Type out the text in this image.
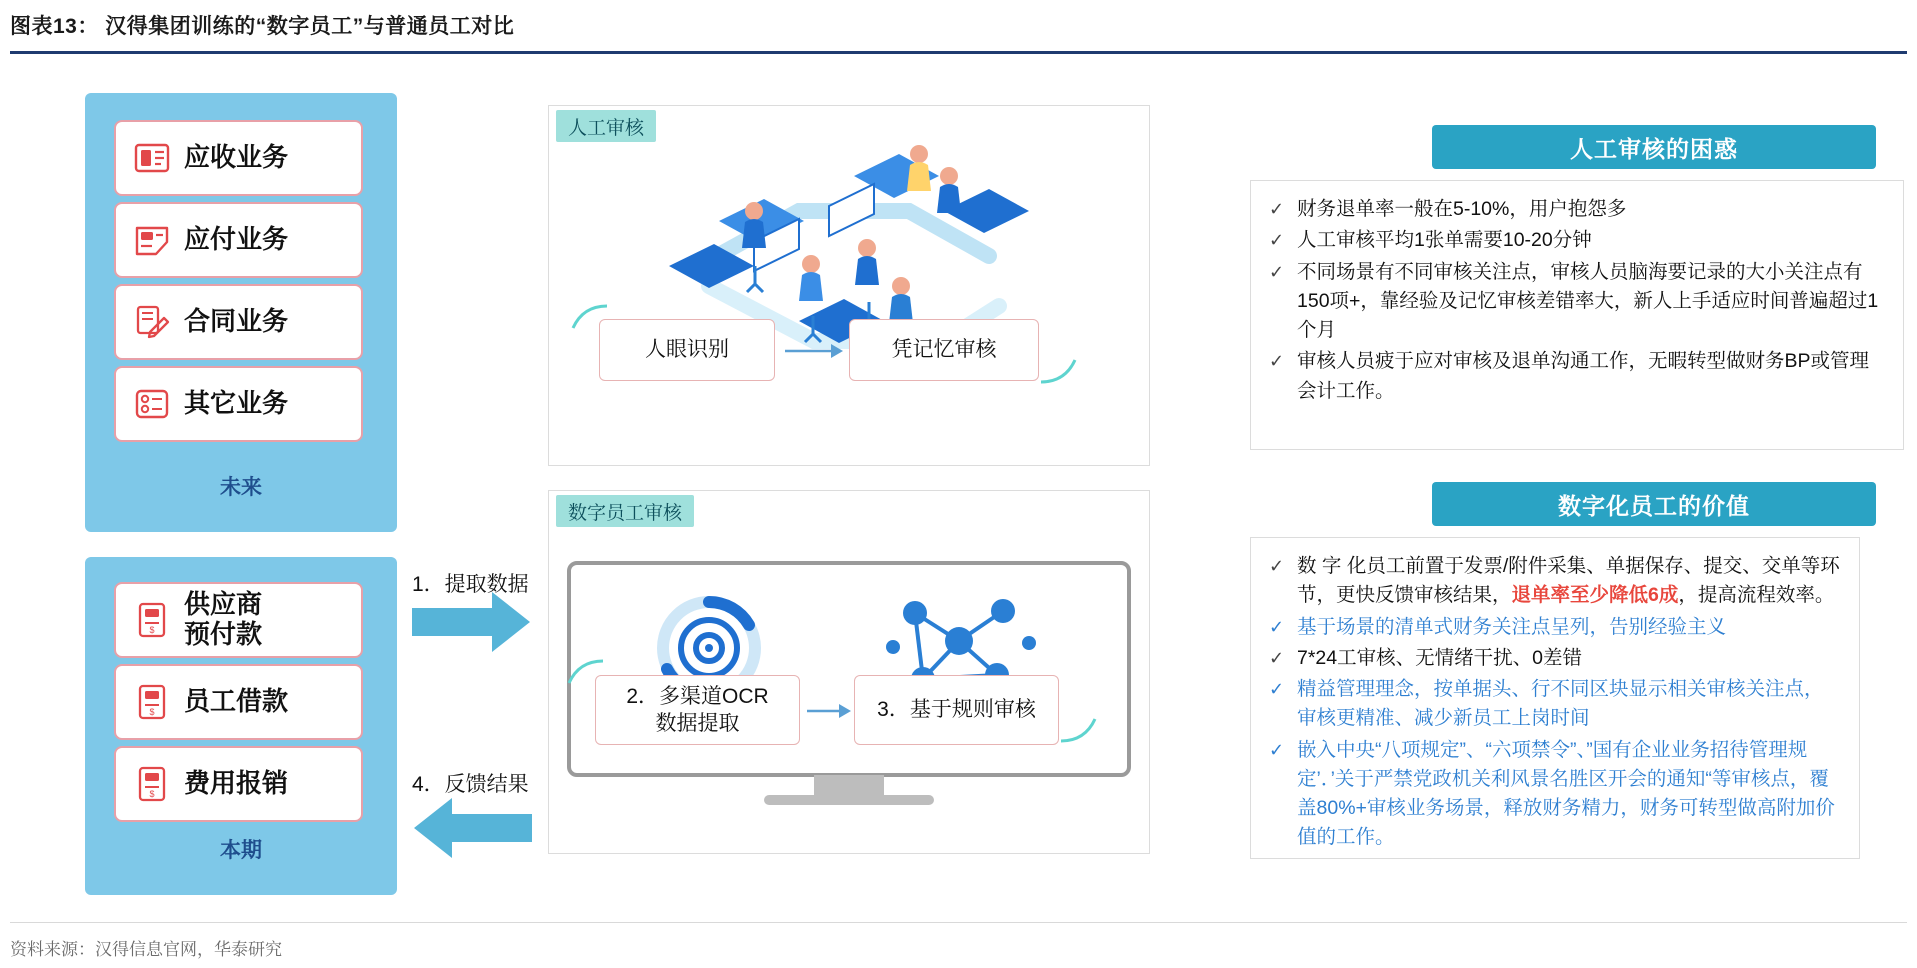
图表13： 汉得集团训练的“数字员工”与普通员工对比
应收业务
应付业务
合同业务
其它业务
未来
$
供应商
预付款
$ 员工借款
$ 费用报销
本期
1．提取数据
4．反馈结果
人眼识别	凭记忆审核
人工审核
2．多渠道OCR
数据提取
3．基于规则审核
数字员工审核
人工审核的困惑
✓ 财务退单率一般在5-10%，用户抱怨多
✓ 人工审核平均1张单需要10-20分钟
✓ 不同场景有不同审核关注点，审核人员脑海要记录的大小关注点有150项+，靠经验及记忆审核差错率大，新人上手适应时间普遍超过1个月
✓ 审核人员疲于应对审核及退单沟通工作，无暇转型做财务BP或管理会计工作。
数字化员工的价值
✓ 数 字 化员工前置于发票/附件采集、单据保存、提交、交单等环节，更快反馈审核结果，退单率至少降低6成，提高流程效率。
✓ 基于场景的清单式财务关注点呈列，告别经验主义
✓ 7*24工审核、无情绪干扰、0差错
✓ 精益管理理念，按单据头、行不同区块显示相关审核关注点，审核更精准、减少新员工上岗时间
✓ 嵌入中央“八项规定”、“六项禁令”、”国有企业业务招待管理规定’．’关于严禁党政机关利风景名胜区开会的通知“等审核点，覆盖80%+审核业务场景，释放财务精力，财务可转型做高附加价值的工作。
资料来源：汉得信息官网，华泰研究
